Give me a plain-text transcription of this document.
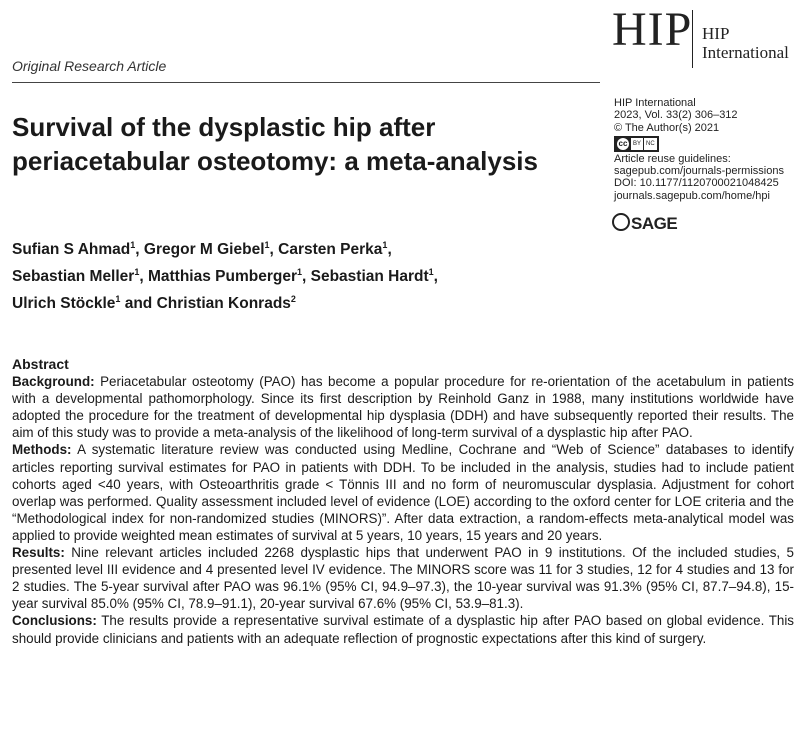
HIP HIP
International
Original Research Article
Survival of the dysplastic hip after periacetabular osteotomy: a meta-analysis
HIP International
2023, Vol. 33(2) 306–312
© The Author(s) 2021
cc BY NC
Article reuse guidelines:
sagepub.com/journals-permissions
DOI: 10.1177/1120700021048425
journals.sagepub.com/home/hpi
SAGE
Sufian S Ahmad$^1$, Gregor M Giebel$^1$, Carsten Perka$^1$,
Sebastian Meller$^1$, Matthias Pumberger$^1$, Sebastian Hardt$^1$,
Ulrich Stöckle$^1$ and Christian Konrads$^2$

Abstract

Background: Periacetabular osteotomy (PAO) has become a popular procedure for re-orientation of the acetabulum in patients with a developmental pathomorphology. Since its first description by Reinhold Ganz in 1988, many institutions worldwide have adopted the procedure for the treatment of developmental hip dysplasia (DDH) and have subsequently reported their results. The aim of this study was to provide a meta-analysis of the likelihood of long-term survival of a dysplastic hip after PAO.

Methods: A systematic literature review was conducted using Medline, Cochrane and “Web of Science” databases to identify articles reporting survival estimates for PAO in patients with DDH. To be included in the analysis, studies had to include patient cohorts aged <40 years, with Osteoarthritis grade < Tönnis III and no form of neuromuscular dysplasia. Adjustment for cohort overlap was performed. Quality assessment included level of evidence (LOE) according to the oxford center for LOE criteria and the “Methodological index for non-randomized studies (MINORS)”. After data extraction, a random-effects meta-analytical model was applied to provide weighted mean estimates of survival at 5 years, 10 years, 15 years and 20 years.

Results: Nine relevant articles included 2268 dysplastic hips that underwent PAO in 9 institutions. Of the included studies, 5 presented level III evidence and 4 presented level IV evidence. The MINORS score was 11 for 3 studies, 12 for 4 studies and 13 for 2 studies. The 5-year survival after PAO was 96.1% (95% CI, 94.9–97.3), the 10-year survival was 91.3% (95% CI, 87.7–94.8), 15-year survival 85.0% (95% CI, 78.9–91.1), 20-year survival 67.6% (95% CI, 53.9–81.3).

Conclusions: The results provide a representative survival estimate of a dysplastic hip after PAO based on global evidence. This should provide clinicians and patients with an adequate reflection of prognostic expectations after this kind of surgery.
